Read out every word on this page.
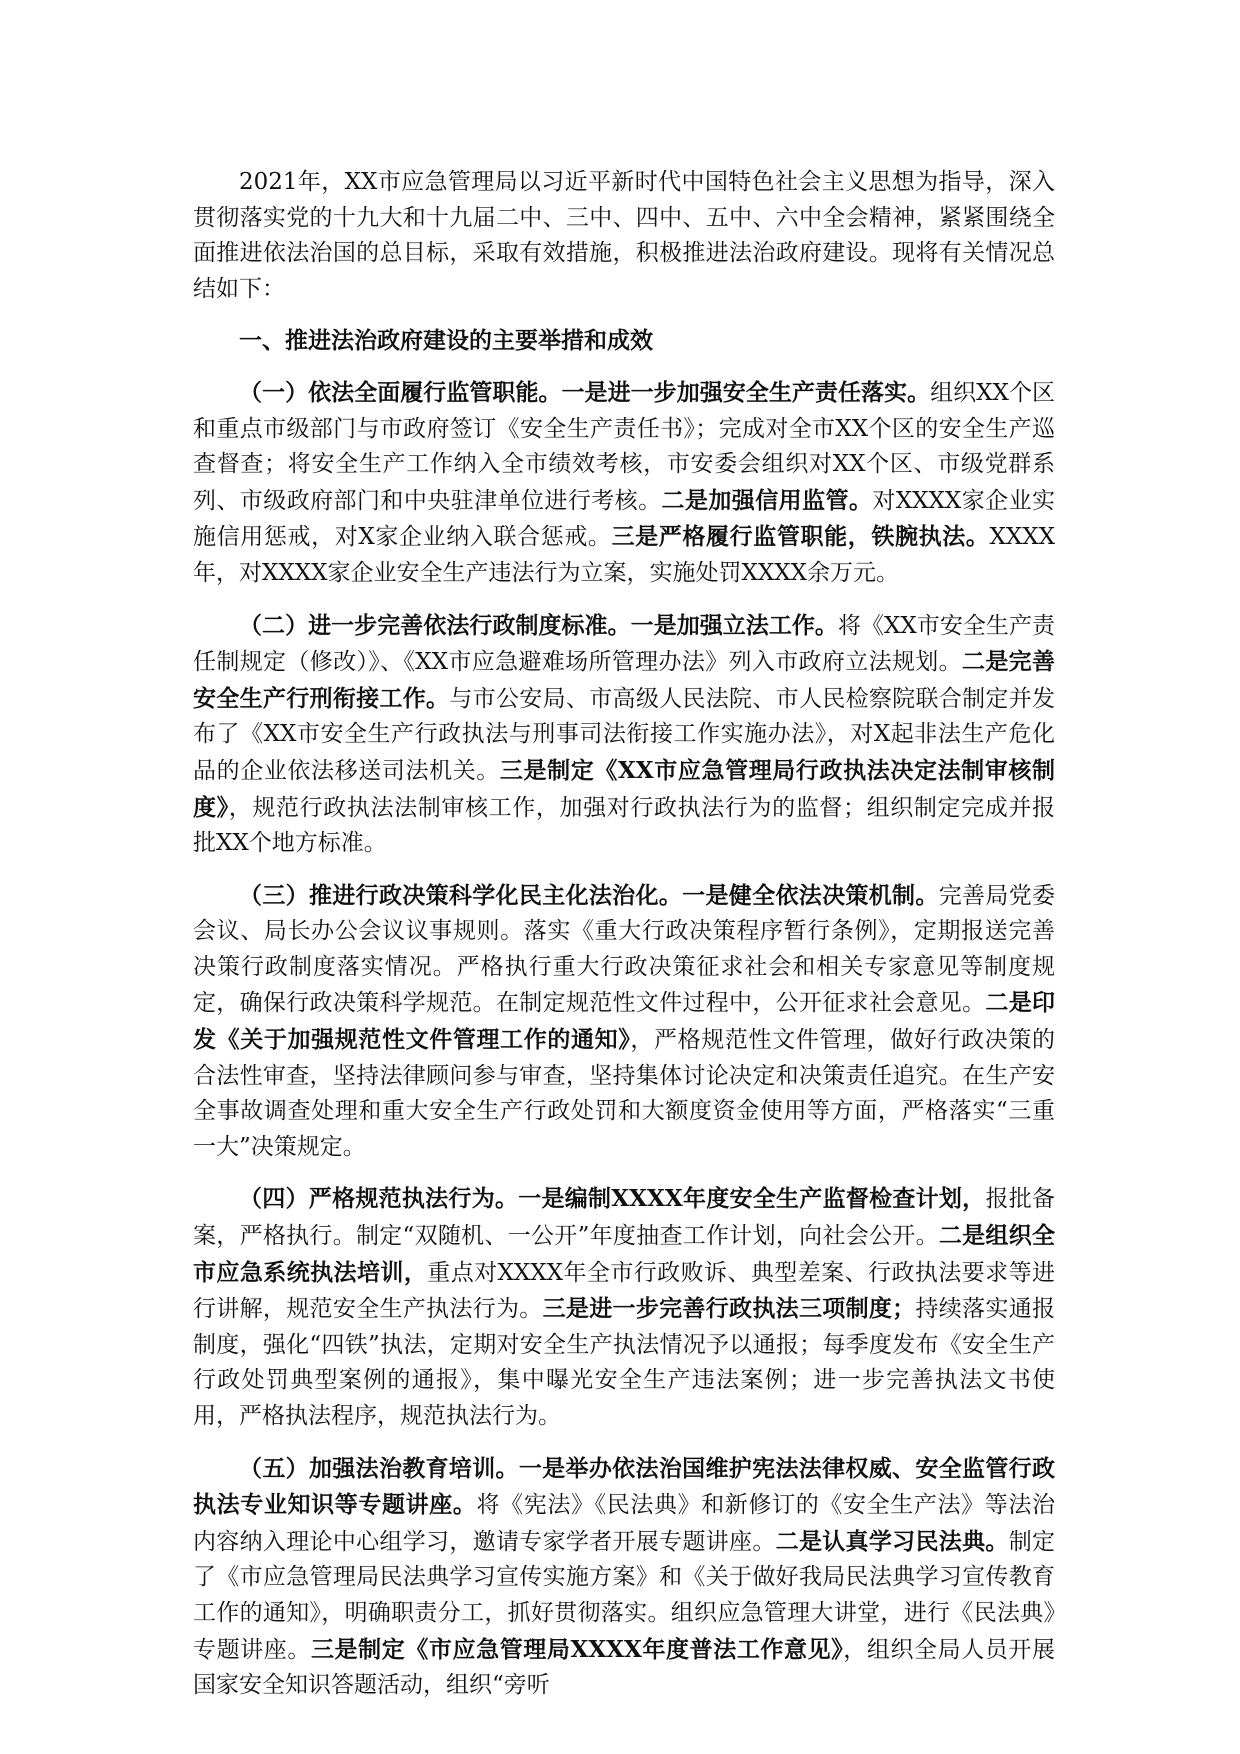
2021年，XX市应急管理局以习近平新时代中国特色社会主义思想为指导，深入贯彻落实党的十九大和十九届二中、三中、四中、五中、六中全会精神，紧紧围绕全面推进依法治国的总目标，采取有效措施，积极推进法治政府建设。现将有关情况总结如下：

一、推进法治政府建设的主要举措和成效

（一）依法全面履行监管职能。一是进一步加强安全生产责任落实。组织XX个区和重点市级部门与市政府签订《安全生产责任书》；完成对全市XX个区的安全生产巡查督查；将安全生产工作纳入全市绩效考核，市安委会组织对XX个区、市级党群系列、市级政府部门和中央驻津单位进行考核。二是加强信用监管。对XXXX家企业实施信用惩戒，对X家企业纳入联合惩戒。三是严格履行监管职能，铁腕执法。XXXX年，对XXXX家企业安全生产违法行为立案，实施处罚XXXX余万元。

（二）进一步完善依法行政制度标准。一是加强立法工作。将《XX市安全生产责任制规定（修改）》、《XX市应急避难场所管理办法》列入市政府立法规划。二是完善安全生产行刑衔接工作。与市公安局、市高级人民法院、市人民检察院联合制定并发布了《XX市安全生产行政执法与刑事司法衔接工作实施办法》，对X起非法生产危化品的企业依法移送司法机关。三是制定《XX市应急管理局行政执法决定法制审核制度》，规范行政执法法制审核工作，加强对行政执法行为的监督；组织制定完成并报批XX个地方标准。

（三）推进行政决策科学化民主化法治化。一是健全依法决策机制。完善局党委会议、局长办公会议议事规则。落实《重大行政决策程序暂行条例》，定期报送完善决策行政制度落实情况。严格执行重大行政决策征求社会和相关专家意见等制度规定，确保行政决策科学规范。在制定规范性文件过程中，公开征求社会意见。二是印发《关于加强规范性文件管理工作的通知》，严格规范性文件管理，做好行政决策的合法性审查，坚持法律顾问参与审查，坚持集体讨论决定和决策责任追究。在生产安全事故调查处理和重大安全生产行政处罚和大额度资金使用等方面，严格落实“三重一大”决策规定。

（四）严格规范执法行为。一是编制XXXX年度安全生产监督检查计划，报批备案，严格执行。制定“双随机、一公开”年度抽查工作计划，向社会公开。二是组织全市应急系统执法培训，重点对XXXX年全市行政败诉、典型差案、行政执法要求等进行讲解，规范安全生产执法行为。三是进一步完善行政执法三项制度；持续落实通报制度，强化“四铁”执法，定期对安全生产执法情况予以通报；每季度发布《安全生产行政处罚典型案例的通报》，集中曝光安全生产违法案例；进一步完善执法文书使用，严格执法程序，规范执法行为。

（五）加强法治教育培训。一是举办依法治国维护宪法法律权威、安全监管行政执法专业知识等专题讲座。将《宪法》《民法典》和新修订的《安全生产法》等法治内容纳入理论中心组学习，邀请专家学者开展专题讲座。二是认真学习民法典。制定了《市应急管理局民法典学习宣传实施方案》和《关于做好我局民法典学习宣传教育工作的通知》，明确职责分工，抓好贯彻落实。组织应急管理大讲堂，进行《民法典》专题讲座。三是制定《市应急管理局XXXX年度普法工作意见》，组织全局人员开展国家安全知识答题活动，组织“旁听
